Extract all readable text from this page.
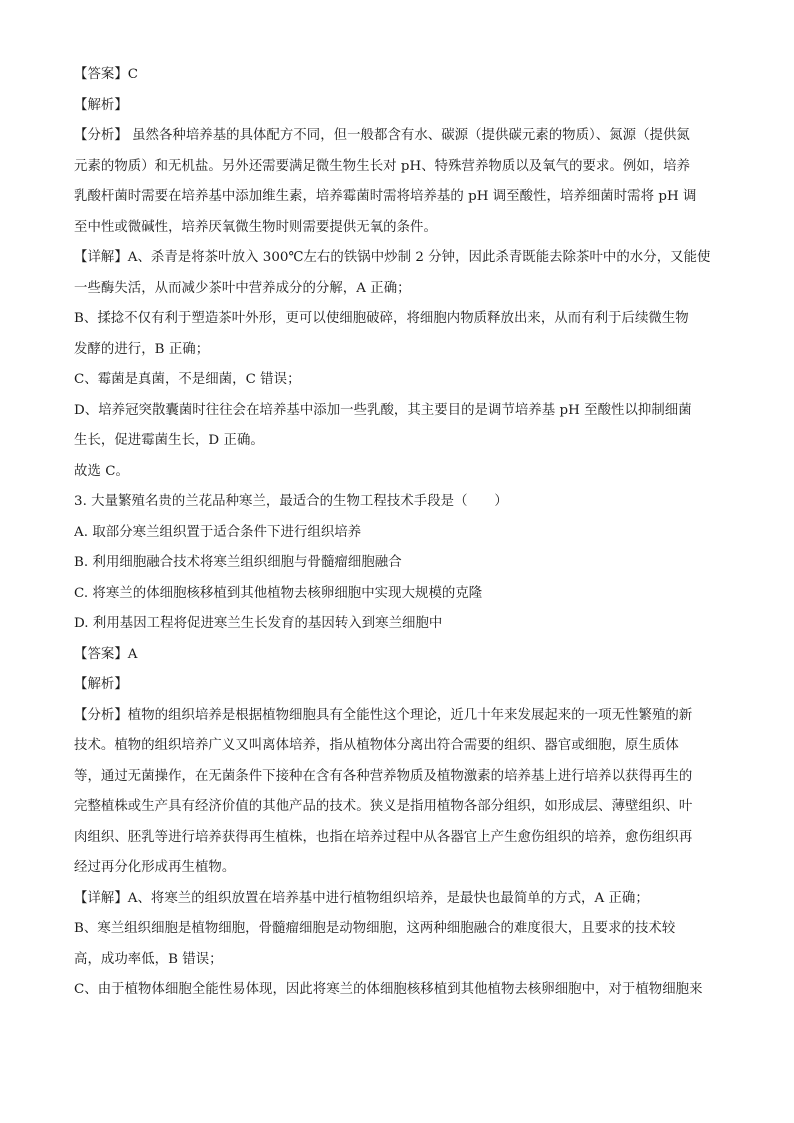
【答案】C
【解析】
【分析】 虽然各种培养基的具体配方不同，但一般都含有水、碳源（提供碳元素的物质）、氮源（提供氮
元素的物质）和无机盐。另外还需要满足微生物生长对 pH、特殊营养物质以及氧气的要求。例如，培养
乳酸杆菌时需要在培养基中添加维生素，培养霉菌时需将培养基的 pH 调至酸性，培养细菌时需将 pH 调
至中性或微碱性，培养厌氧微生物时则需要提供无氧的条件。
【详解】A、杀青是将茶叶放入 300℃左右的铁锅中炒制 2 分钟，因此杀青既能去除茶叶中的水分，又能使
一些酶失活，从而减少茶叶中营养成分的分解，A 正确；
B、揉捻不仅有利于塑造茶叶外形，更可以使细胞破碎，将细胞内物质释放出来，从而有利于后续微生物
发酵的进行，B 正确；
C、霉菌是真菌，不是细菌，C 错误；
D、培养冠突散囊菌时往往会在培养基中添加一些乳酸，其主要目的是调节培养基 pH 至酸性以抑制细菌
生长，促进霉菌生长，D 正确。
故选 C。
3. 大量繁殖名贵的兰花品种寒兰，最适合的生物工程技术手段是（　　）
A. 取部分寒兰组织置于适合条件下进行组织培养
B. 利用细胞融合技术将寒兰组织细胞与骨髓瘤细胞融合
C. 将寒兰的体细胞核移植到其他植物去核卵细胞中实现大规模的克隆
D. 利用基因工程将促进寒兰生长发育的基因转入到寒兰细胞中
【答案】A
【解析】
【分析】植物的组织培养是根据植物细胞具有全能性这个理论，近几十年来发展起来的一项无性繁殖的新
技术。植物的组织培养广义又叫离体培养，指从植物体分离出符合需要的组织、器官或细胞，原生质体
等，通过无菌操作，在无菌条件下接种在含有各种营养物质及植物激素的培养基上进行培养以获得再生的
完整植株或生产具有经济价值的其他产品的技术。狭义是指用植物各部分组织，如形成层、薄壁组织、叶
肉组织、胚乳等进行培养获得再生植株，也指在培养过程中从各器官上产生愈伤组织的培养，愈伤组织再
经过再分化形成再生植物。
【详解】A、将寒兰的组织放置在培养基中进行植物组织培养，是最快也最简单的方式，A 正确；
B、寒兰组织细胞是植物细胞，骨髓瘤细胞是动物细胞，这两种细胞融合的难度很大，且要求的技术较
高，成功率低，B 错误；
C、由于植物体细胞全能性易体现，因此将寒兰的体细胞核移植到其他植物去核卵细胞中，对于植物细胞来
